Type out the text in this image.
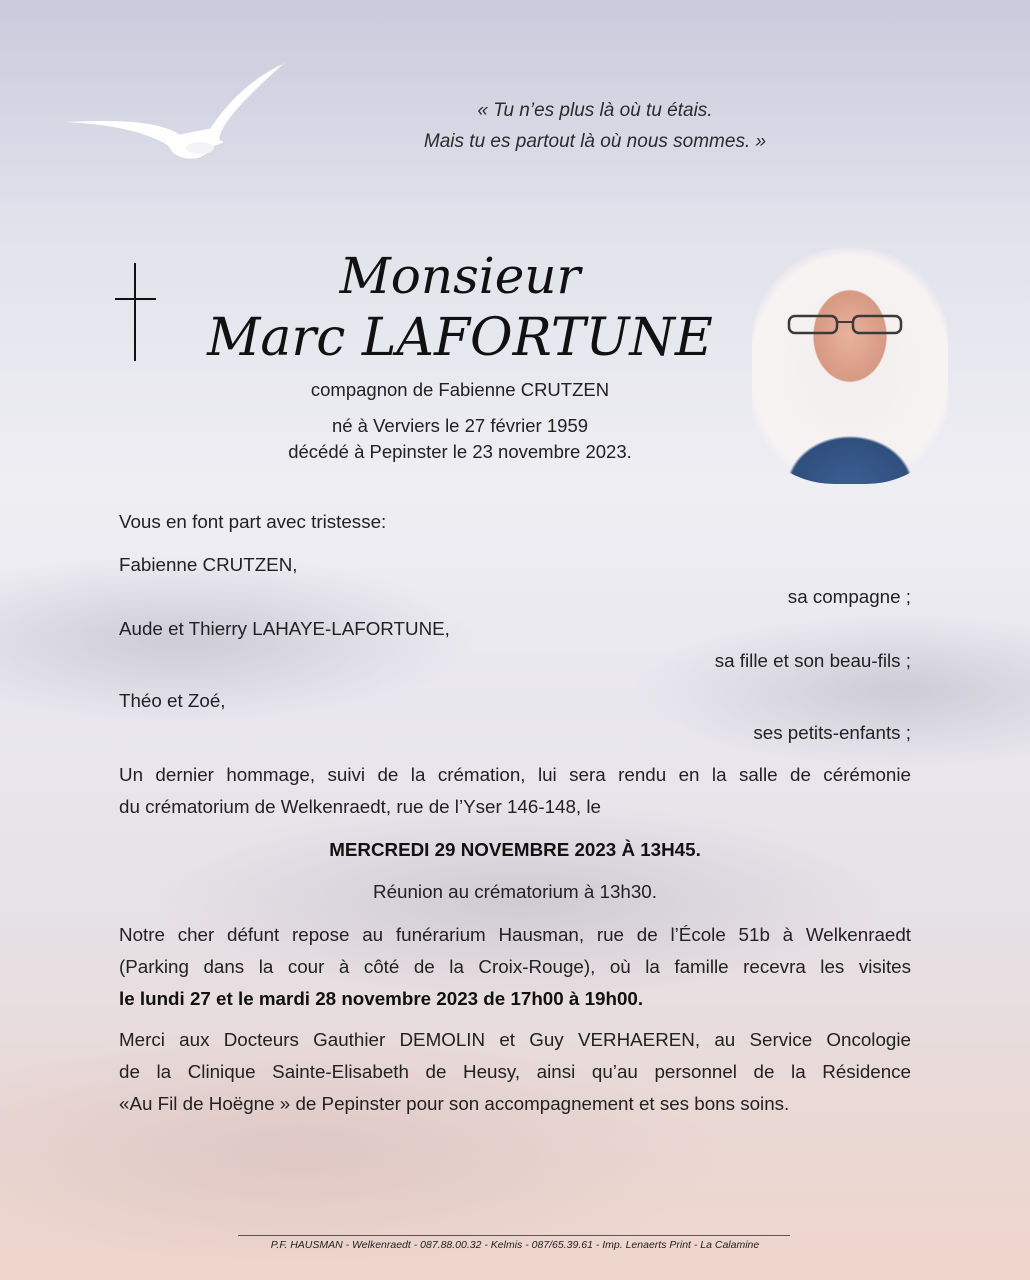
« Tu n’es plus là où tu étais.
Mais tu es partout là où nous sommes. »
Monsieur
Marc LAFORTUNE
compagnon de Fabienne CRUTZEN
né à Verviers le 27 février 1959
décédé à Pepinster le 23 novembre 2023.
Vous en font part avec tristesse:
Fabienne CRUTZEN,
sa compagne ;
Aude et Thierry LAHAYE-LAFORTUNE,
sa fille et son beau-fils ;
Théo et Zoé,
ses petits-enfants ;
Un dernier hommage, suivi de la crémation, lui sera rendu en la salle de cérémonie
du crématorium de Welkenraedt, rue de l’Yser 146-148, le
MERCREDI 29 NOVEMBRE 2023 À 13H45.
Réunion au crématorium à 13h30.
Notre cher défunt repose au funérarium Hausman, rue de l’École 51b à Welkenraedt
(Parking dans la cour à côté de la Croix-Rouge), où la famille recevra les visites
le lundi 27 et le mardi 28 novembre 2023 de 17h00 à 19h00.
Merci aux Docteurs Gauthier DEMOLIN et Guy VERHAEREN, au Service Oncologie
de la Clinique Sainte-Elisabeth de Heusy, ainsi qu’au personnel de la Résidence
«Au Fil de Hoëgne » de Pepinster pour son accompagnement et ses bons soins.
P.F. HAUSMAN - Welkenraedt - 087.88.00.32 - Kelmis - 087/65.39.61 - Imp. Lenaerts Print - La Calamine
